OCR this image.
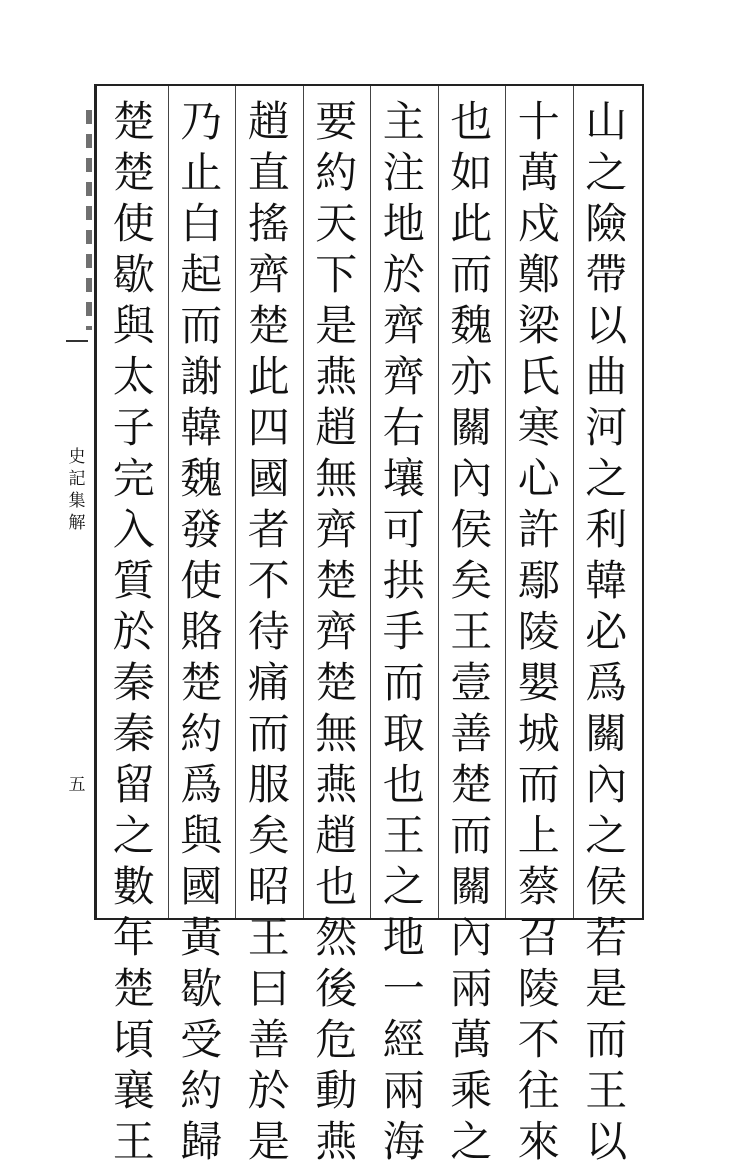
史
記
集
解
五
山
之
險
帶
以
曲
河
之
利
韓
必
爲
關
內
之
侯
若
是
而
王
以
十
萬
戍
鄭
梁
氏
寒
心
許
鄢
陵
嬰
城
而
上
蔡
召
陵
不
往
來
也
如
此
而
魏
亦
關
內
侯
矣
王
壹
善
楚
而
關
內
兩
萬
乘
之
主
注
地
於
齊
齊
右
壤
可
拱
手
而
取
也
王
之
地
一
經
兩
海
要
約
天
下
是
燕
趙
無
齊
楚
齊
楚
無
燕
趙
也
然
後
危
動
燕
趙
直
搖
齊
楚
此
四
國
者
不
待
痛
而
服
矣
昭
王
曰
善
於
是
乃
止
白
起
而
謝
韓
魏
發
使
賂
楚
約
爲
與
國
黃
歇
受
約
歸
楚
楚
使
歇
與
太
子
完
入
質
於
秦
秦
留
之
數
年
楚
頃
襄
王
